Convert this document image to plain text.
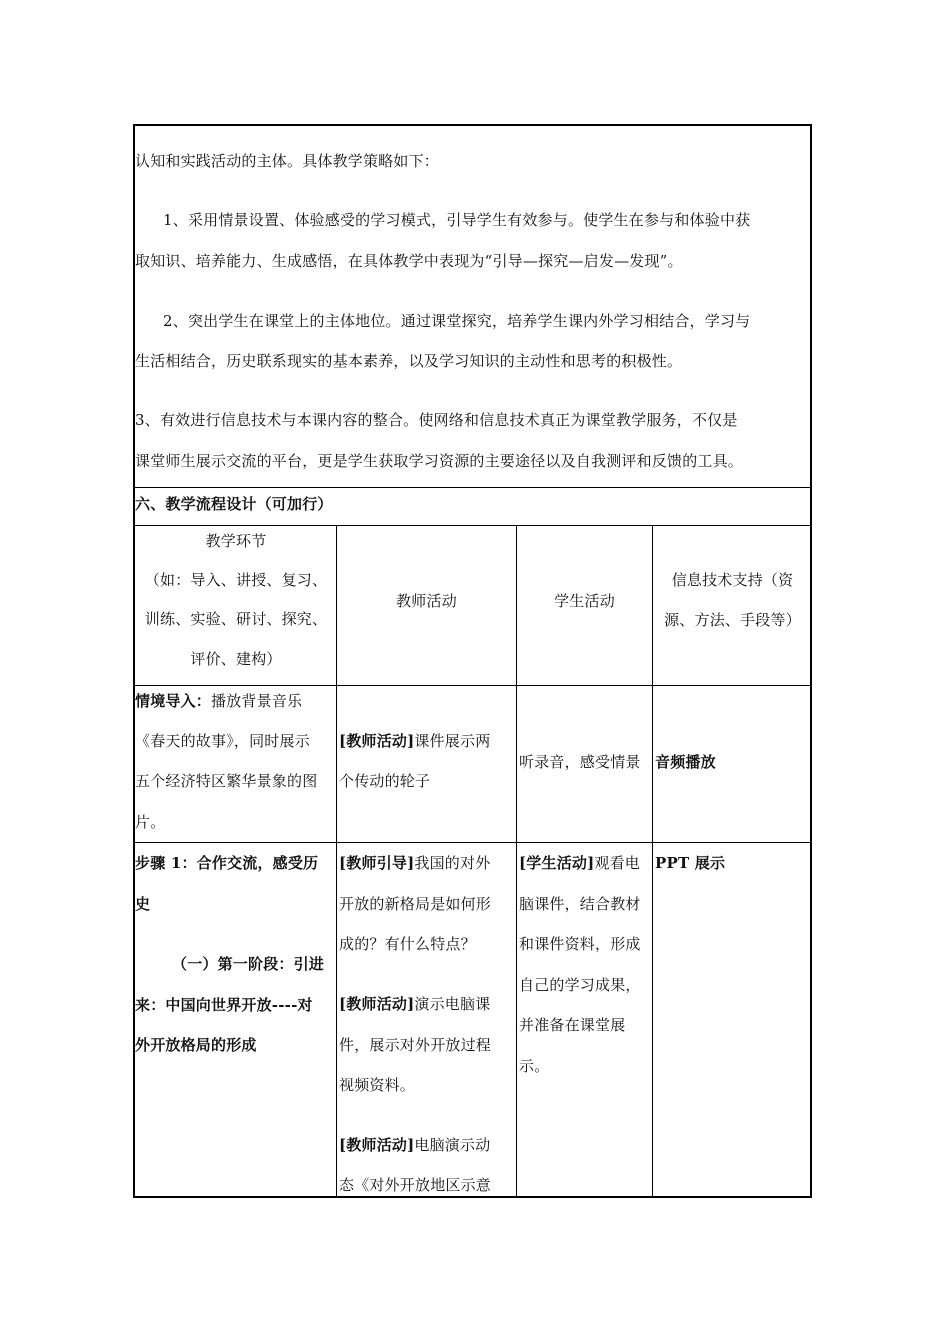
认知和实践活动的主体。具体教学策略如下：
1、采用情景设置、体验感受的学习模式，引导学生有效参与。使学生在参与和体验中获
取知识、培养能力、生成感悟，在具体教学中表现为“引导—探究—启发—发现”。
2、突出学生在课堂上的主体地位。通过课堂探究，培养学生课内外学习相结合，学习与
生活相结合，历史联系现实的基本素养，以及学习知识的主动性和思考的积极性。
3、有效进行信息技术与本课内容的整合。使网络和信息技术真正为课堂教学服务，不仅是
课堂师生展示交流的平台，更是学生获取学习资源的主要途径以及自我测评和反馈的工具。
六、教学流程设计（可加行）
教学环节
（如：导入、讲授、复习、
训练、实验、研讨、探究、
评价、建构）
教师活动	学生活动
信息技术支持（资
源、方法、手段等）
情境导入：播放背景音乐
《春天的故事》，同时展示
五个经济特区繁华景象的图
片。
[教师活动]课件展示两
个传动的轮子
听录音，感受情景 音频播放
步骤 1：合作交流，感受历
史
（一）第一阶段：引进
来：中国向世界开放----对
外开放格局的形成
[教师引导]我国的对外
开放的新格局是如何形
成的？有什么特点？
[教师活动]演示电脑课
件，展示对外开放过程
视频资料。
[教师活动]电脑演示动
态《对外开放地区示意
[学生活动]观看电
脑课件，结合教材
和课件资料，形成
自己的学习成果，
并准备在课堂展
示。
PPT 展示
